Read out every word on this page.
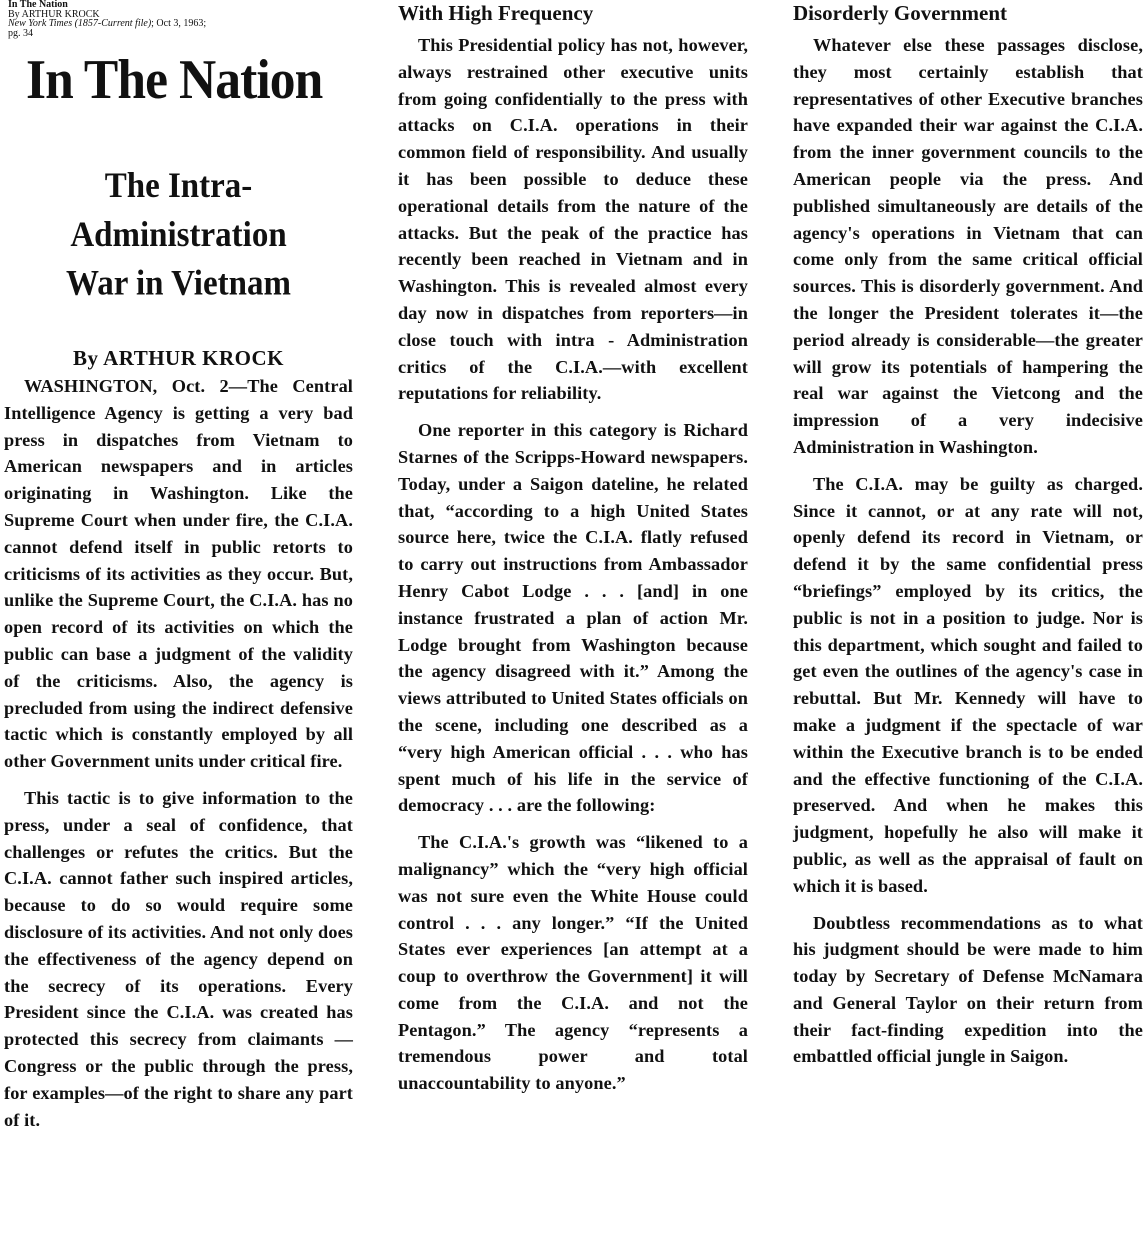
In The Nation
By ARTHUR KROCK
New York Times (1857-Current file); Oct 3, 1963;
pg. 34
In The Nation
The Intra-Administration
War in Vietnam
By ARTHUR KROCK

WASHINGTON, Oct. 2—The Central Intelligence Agency is getting a very bad press in dispatches from Vietnam to American newspapers and in articles originating in Washington. Like the Supreme Court when under fire, the C.I.A. cannot defend itself in public retorts to criticisms of its activities as they occur. But, unlike the Supreme Court, the C.I.A. has no open record of its activities on which the public can base a judgment of the validity of the criticisms. Also, the agency is precluded from using the indirect defensive tactic which is constantly employed by all other Government units under critical fire.

This tactic is to give information to the press, under a seal of confidence, that challenges or refutes the critics. But the C.I.A. cannot father such inspired articles, because to do so would require some disclosure of its activities. And not only does the effectiveness of the agency depend on the secrecy of its operations. Every President since the C.I.A. was created has protected this secrecy from claimants — Congress or the public through the press, for examples—of the right to share any part of it.

With High Frequency

This Presidential policy has not, however, always restrained other executive units from going confidentially to the press with attacks on C.I.A. operations in their common field of responsibility. And usually it has been possible to deduce these operational details from the nature of the attacks. But the peak of the practice has recently been reached in Vietnam and in Washington. This is revealed almost every day now in dispatches from reporters—in close touch with intra - Administration critics of the C.I.A.—with excellent reputations for reliability.

One reporter in this category is Richard Starnes of the Scripps-Howard newspapers. Today, under a Saigon dateline, he related that, “according to a high United States source here, twice the C.I.A. flatly refused to carry out instructions from Ambassador Henry Cabot Lodge . . . [and] in one instance frustrated a plan of action Mr. Lodge brought from Washington because the agency disagreed with it.” Among the views attributed to United States officials on the scene, including one described as a “very high American official . . . who has spent much of his life in the service of democracy . . . are the following:

The C.I.A.'s growth was “likened to a malignancy” which the “very high official was not sure even the White House could control . . . any longer.” “If the United States ever experiences [an attempt at a coup to overthrow the Government] it will come from the C.I.A. and not the Pentagon.” The agency “represents a tremendous power and total unaccountability to anyone.”

Disorderly Government

Whatever else these passages disclose, they most certainly establish that representatives of other Executive branches have expanded their war against the C.I.A. from the inner government councils to the American people via the press. And published simultaneously are details of the agency's operations in Vietnam that can come only from the same critical official sources. This is disorderly government. And the longer the President tolerates it—the period already is considerable—the greater will grow its potentials of hampering the real war against the Vietcong and the impression of a very indecisive Administration in Washington.

The C.I.A. may be guilty as charged. Since it cannot, or at any rate will not, openly defend its record in Vietnam, or defend it by the same confidential press “briefings” employed by its critics, the public is not in a position to judge. Nor is this department, which sought and failed to get even the outlines of the agency's case in rebuttal. But Mr. Kennedy will have to make a judgment if the spectacle of war within the Executive branch is to be ended and the effective functioning of the C.I.A. preserved. And when he makes this judgment, hopefully he also will make it public, as well as the appraisal of fault on which it is based.

Doubtless recommendations as to what his judgment should be were made to him today by Secretary of Defense McNamara and General Taylor on their return from their fact-finding expedition into the embattled official jungle in Saigon.
